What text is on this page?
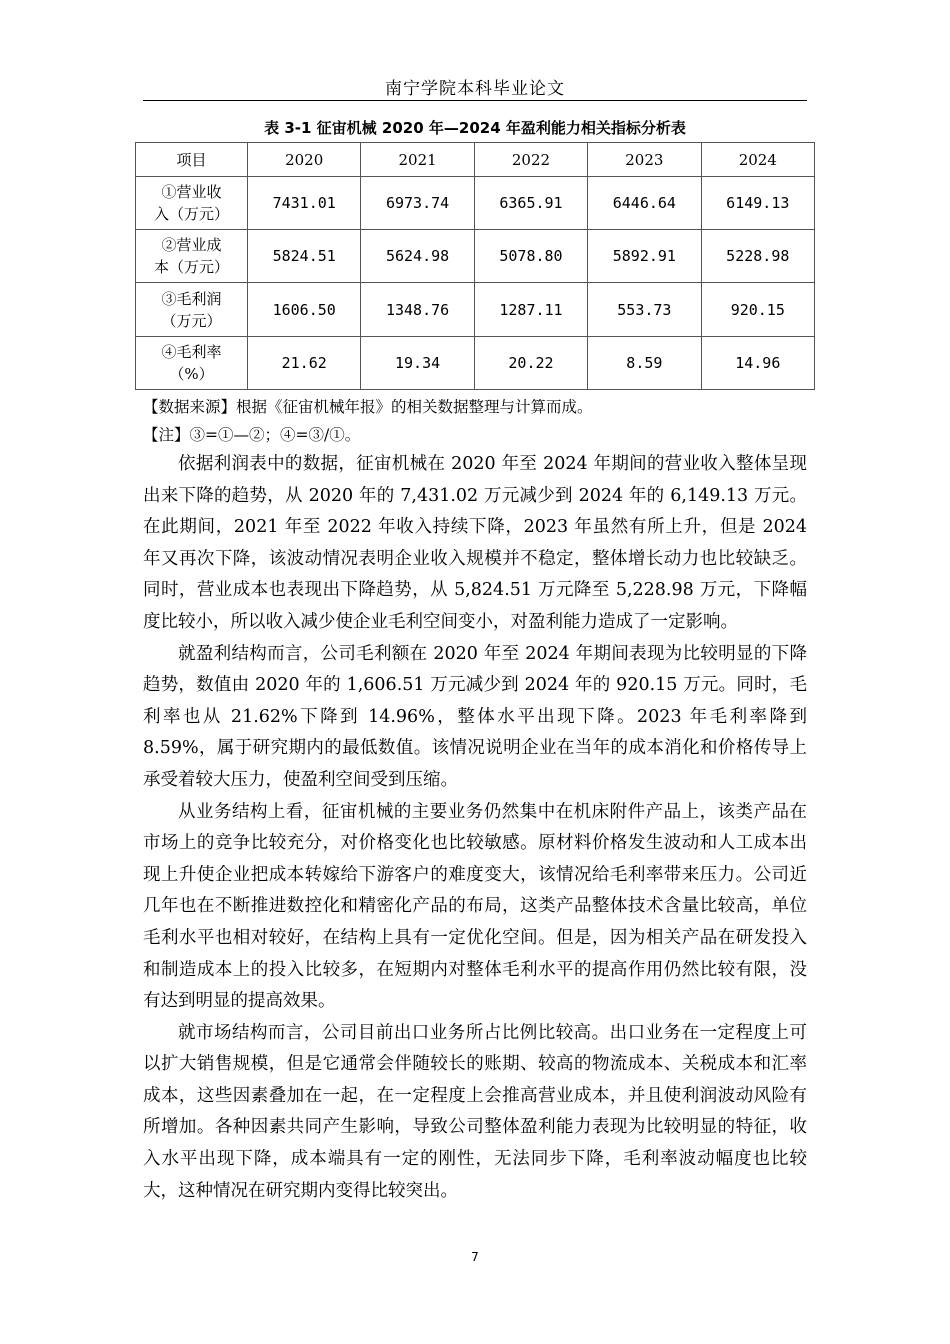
南宁学院本科毕业论文
表 3-1 征宙机械 2020 年—2024 年盈利能力相关指标分析表
项目	2020	2021	2022	2023	2024
①营业收
入（万元）	7431.01	6973.74	6365.91	6446.64	6149.13
②营业成
本（万元）	5824.51	5624.98	5078.80	5892.91	5228.98
③毛利润
（万元）	1606.50	1348.76	1287.11	553.73	920.15
④毛利率
（%）	21.62	19.34	20.22	8.59	14.96
【数据来源】根据《征宙机械年报》的相关数据整理与计算而成。
【注】③=①—②；④=③/①。

依据利润表中的数据，征宙机械在 2020 年至 2024 年期间的营业收入整体呈现出来下降的趋势，从 2020 年的 7,431.02 万元减少到 2024 年的 6,149.13 万元。在此期间，2021 年至 2022 年收入持续下降，2023 年虽然有所上升，但是 2024 年又再次下降，该波动情况表明企业收入规模并不稳定，整体增长动力也比较缺乏。同时，营业成本也表现出下降趋势，从 5,824.51 万元降至 5,228.98 万元，下降幅度比较小，所以收入减少使企业毛利空间变小，对盈利能力造成了一定影响。

就盈利结构而言，公司毛利额在 2020 年至 2024 年期间表现为比较明显的下降趋势，数值由 2020 年的 1,606.51 万元减少到 2024 年的 920.15 万元。同时，毛利率也从 21.62%下降到 14.96%，整体水平出现下降。2023 年毛利率降到 8.59%，属于研究期内的最低数值。该情况说明企业在当年的成本消化和价格传导上承受着较大压力，使盈利空间受到压缩。

从业务结构上看，征宙机械的主要业务仍然集中在机床附件产品上，该类产品在市场上的竞争比较充分，对价格变化也比较敏感。原材料价格发生波动和人工成本出现上升使企业把成本转嫁给下游客户的难度变大，该情况给毛利率带来压力。公司近几年也在不断推进数控化和精密化产品的布局，这类产品整体技术含量比较高，单位毛利水平也相对较好，在结构上具有一定优化空间。但是，因为相关产品在研发投入和制造成本上的投入比较多，在短期内对整体毛利水平的提高作用仍然比较有限，没有达到明显的提高效果。

就市场结构而言，公司目前出口业务所占比例比较高。出口业务在一定程度上可以扩大销售规模，但是它通常会伴随较长的账期、较高的物流成本、关税成本和汇率成本，这些因素叠加在一起，在一定程度上会推高营业成本，并且使利润波动风险有所增加。各种因素共同产生影响，导致公司整体盈利能力表现为比较明显的特征，收入水平出现下降，成本端具有一定的刚性，无法同步下降，毛利率波动幅度也比较大，这种情况在研究期内变得比较突出。

7
